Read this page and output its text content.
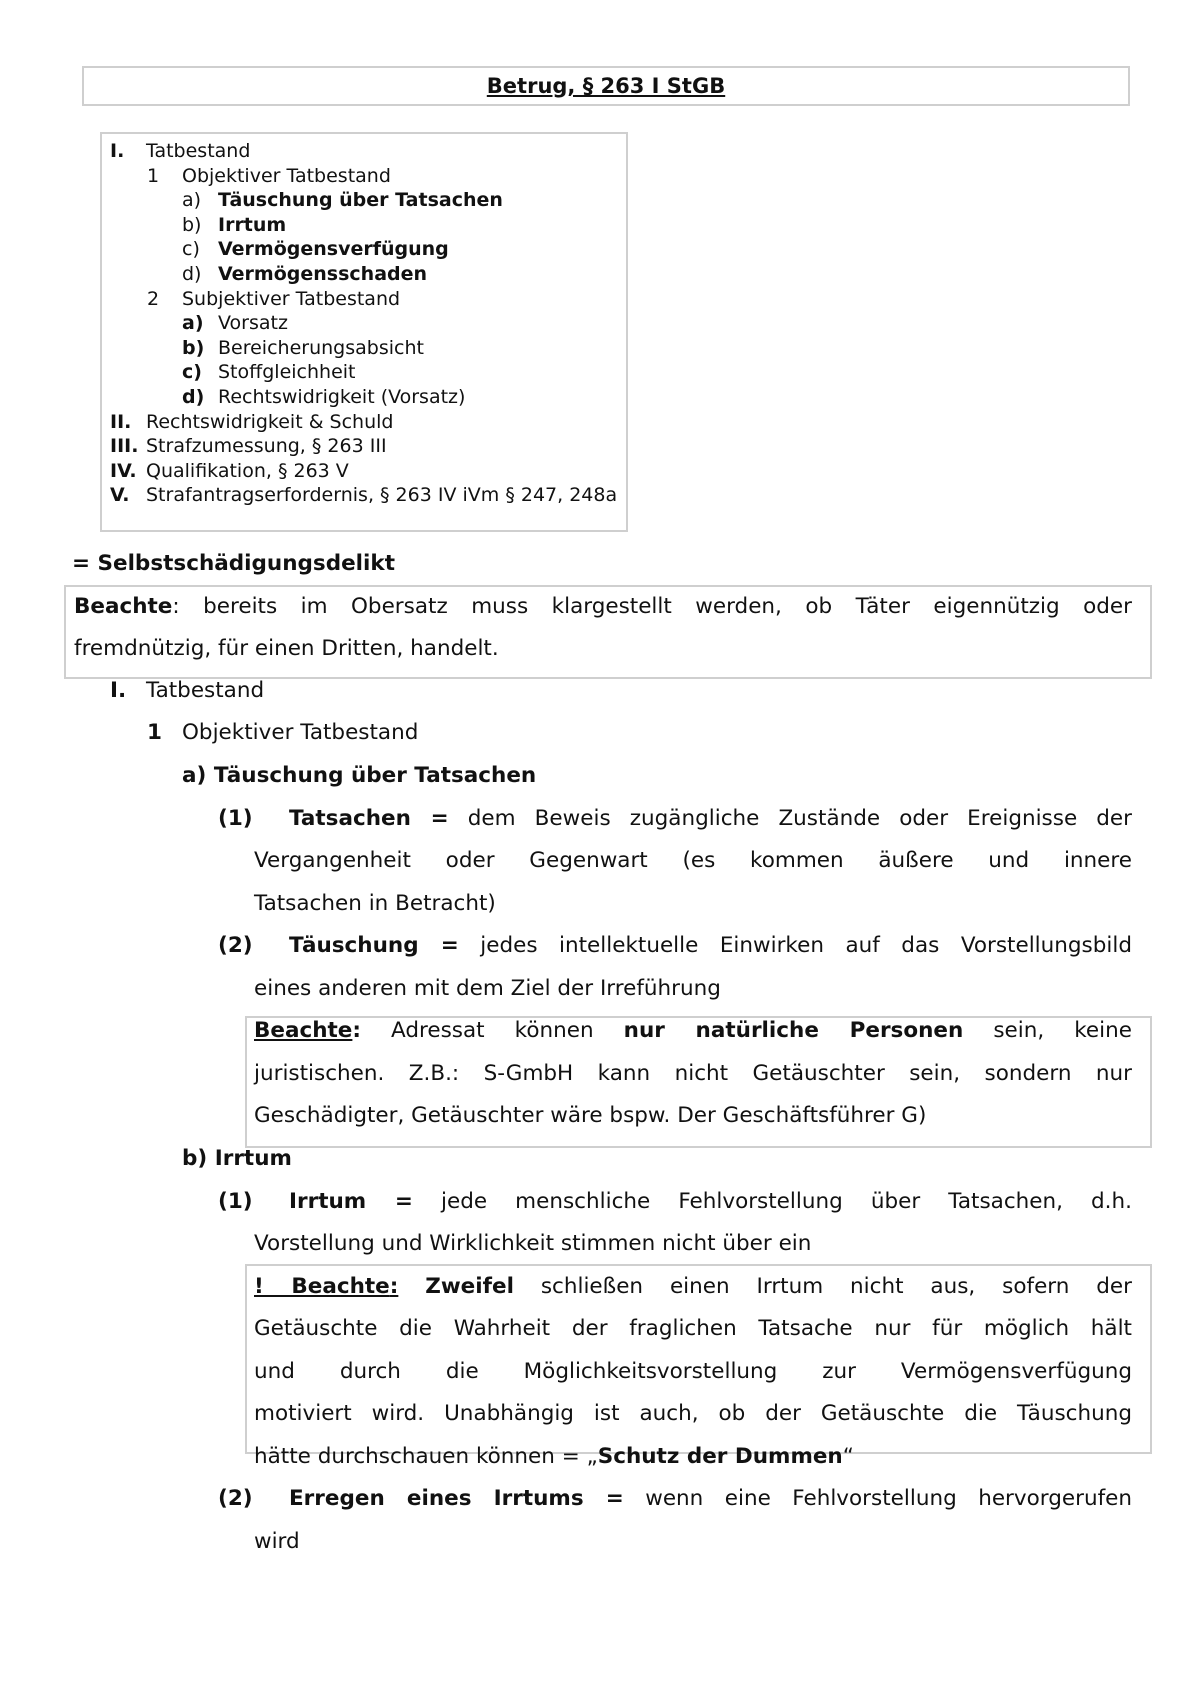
Betrug, § 263 I StGB
I. Tatbestand
1 Objektiver Tatbestand
a) Täuschung über Tatsachen
b) Irrtum
c) Vermögensverfügung
d) Vermögensschaden
2 Subjektiver Tatbestand
a) Vorsatz
b) Bereicherungsabsicht
c) Stoffgleichheit
d) Rechtswidrigkeit (Vorsatz)
II. Rechtswidrigkeit & Schuld
III. Strafzumessung, § 263 III
IV. Qualifikation, § 263 V
V. Strafantragserfordernis, § 263 IV iVm § 247, 248a
= Selbstschädigungsdelikt
Beachte: bereits im Obersatz muss klargestellt werden, ob Täter eigennützig oder
fremdnützig, für einen Dritten, handelt.
I. Tatbestand
1 Objektiver Tatbestand
a) Täuschung über Tatsachen
(1) Tatsachen = dem Beweis zugängliche Zustände oder Ereignisse der
Vergangenheit oder Gegenwart (es kommen äußere und innere
Tatsachen in Betracht)
(2) Täuschung = jedes intellektuelle Einwirken auf das Vorstellungsbild
eines anderen mit dem Ziel der Irreführung
Beachte: Adressat können nur natürliche Personen sein, keine
juristischen. Z.B.: S-GmbH kann nicht Getäuschter sein, sondern nur
Geschädigter, Getäuschter wäre bspw. Der Geschäftsführer G)
b) Irrtum
(1) Irrtum = jede menschliche Fehlvorstellung über Tatsachen, d.h.
Vorstellung und Wirklichkeit stimmen nicht über ein
! Beachte: Zweifel schließen einen Irrtum nicht aus, sofern der
Getäuschte die Wahrheit der fraglichen Tatsache nur für möglich hält
und durch die Möglichkeitsvorstellung zur Vermögensverfügung
motiviert wird. Unabhängig ist auch, ob der Getäuschte die Täuschung
hätte durchschauen können = „Schutz der Dummen“
(2) Erregen eines Irrtums = wenn eine Fehlvorstellung hervorgerufen
wird
